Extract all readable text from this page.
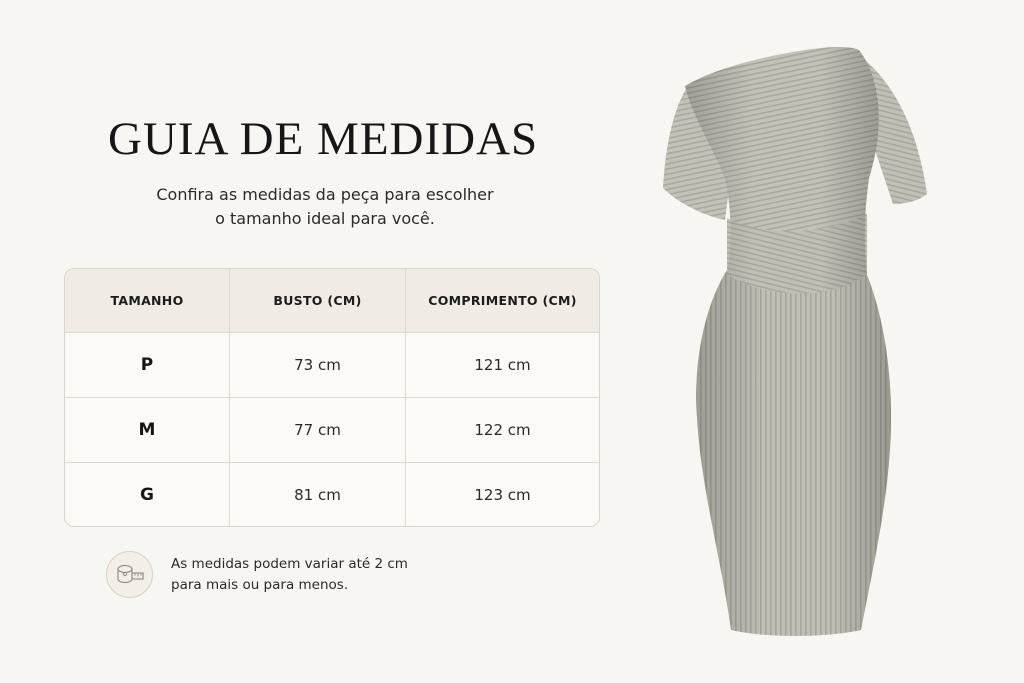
GUIA DE MEDIDAS
Confira as medidas da peça para escolher
o tamanho ideal para você.
TAMANHO	BUSTO (CM)	COMPRIMENTO (CM)
P	73 cm	121 cm
M	77 cm	122 cm
G	81 cm	123 cm
As medidas podem variar até 2 cm
para mais ou para menos.
